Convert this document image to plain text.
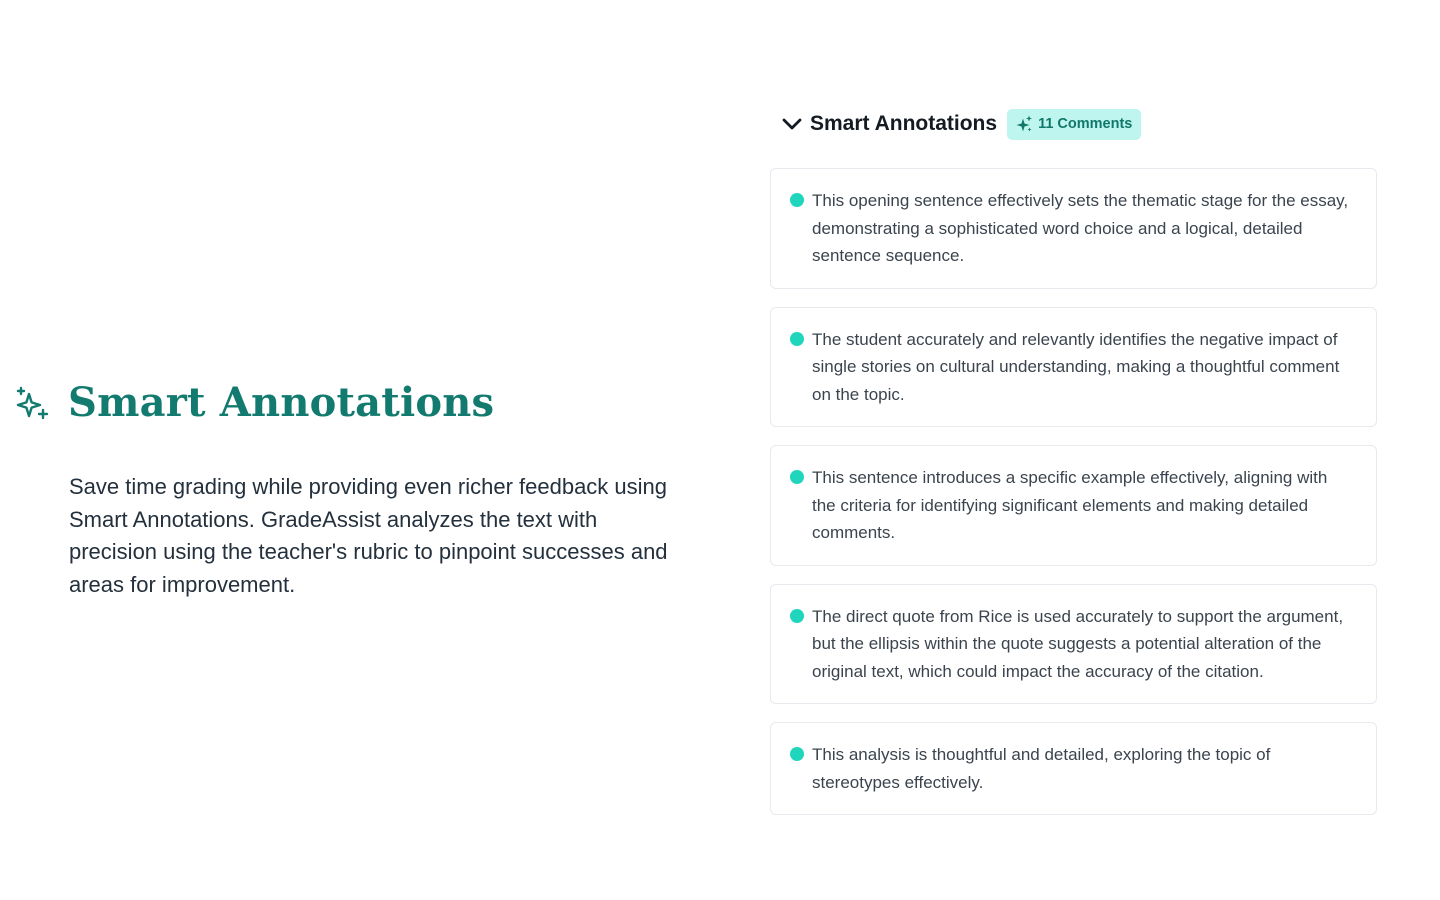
Smart Annotations

Save time grading while providing even richer feedback using Smart Annotations. GradeAssist analyzes the text with precision using the teacher's rubric to pinpoint successes and areas for improvement.

Smart Annotations	11 Comments

This opening sentence effectively sets the thematic stage for the essay, demonstrating a sophisticated word choice and a logical, detailed sentence sequence.

The student accurately and relevantly identifies the negative impact of single stories on cultural understanding, making a thoughtful comment on the topic.

This sentence introduces a specific example effectively, aligning with the criteria for identifying significant elements and making detailed comments.

The direct quote from Rice is used accurately to support the argument, but the ellipsis within the quote suggests a potential alteration of the original text, which could impact the accuracy of the citation.

This analysis is thoughtful and detailed, exploring the topic of stereotypes effectively.
